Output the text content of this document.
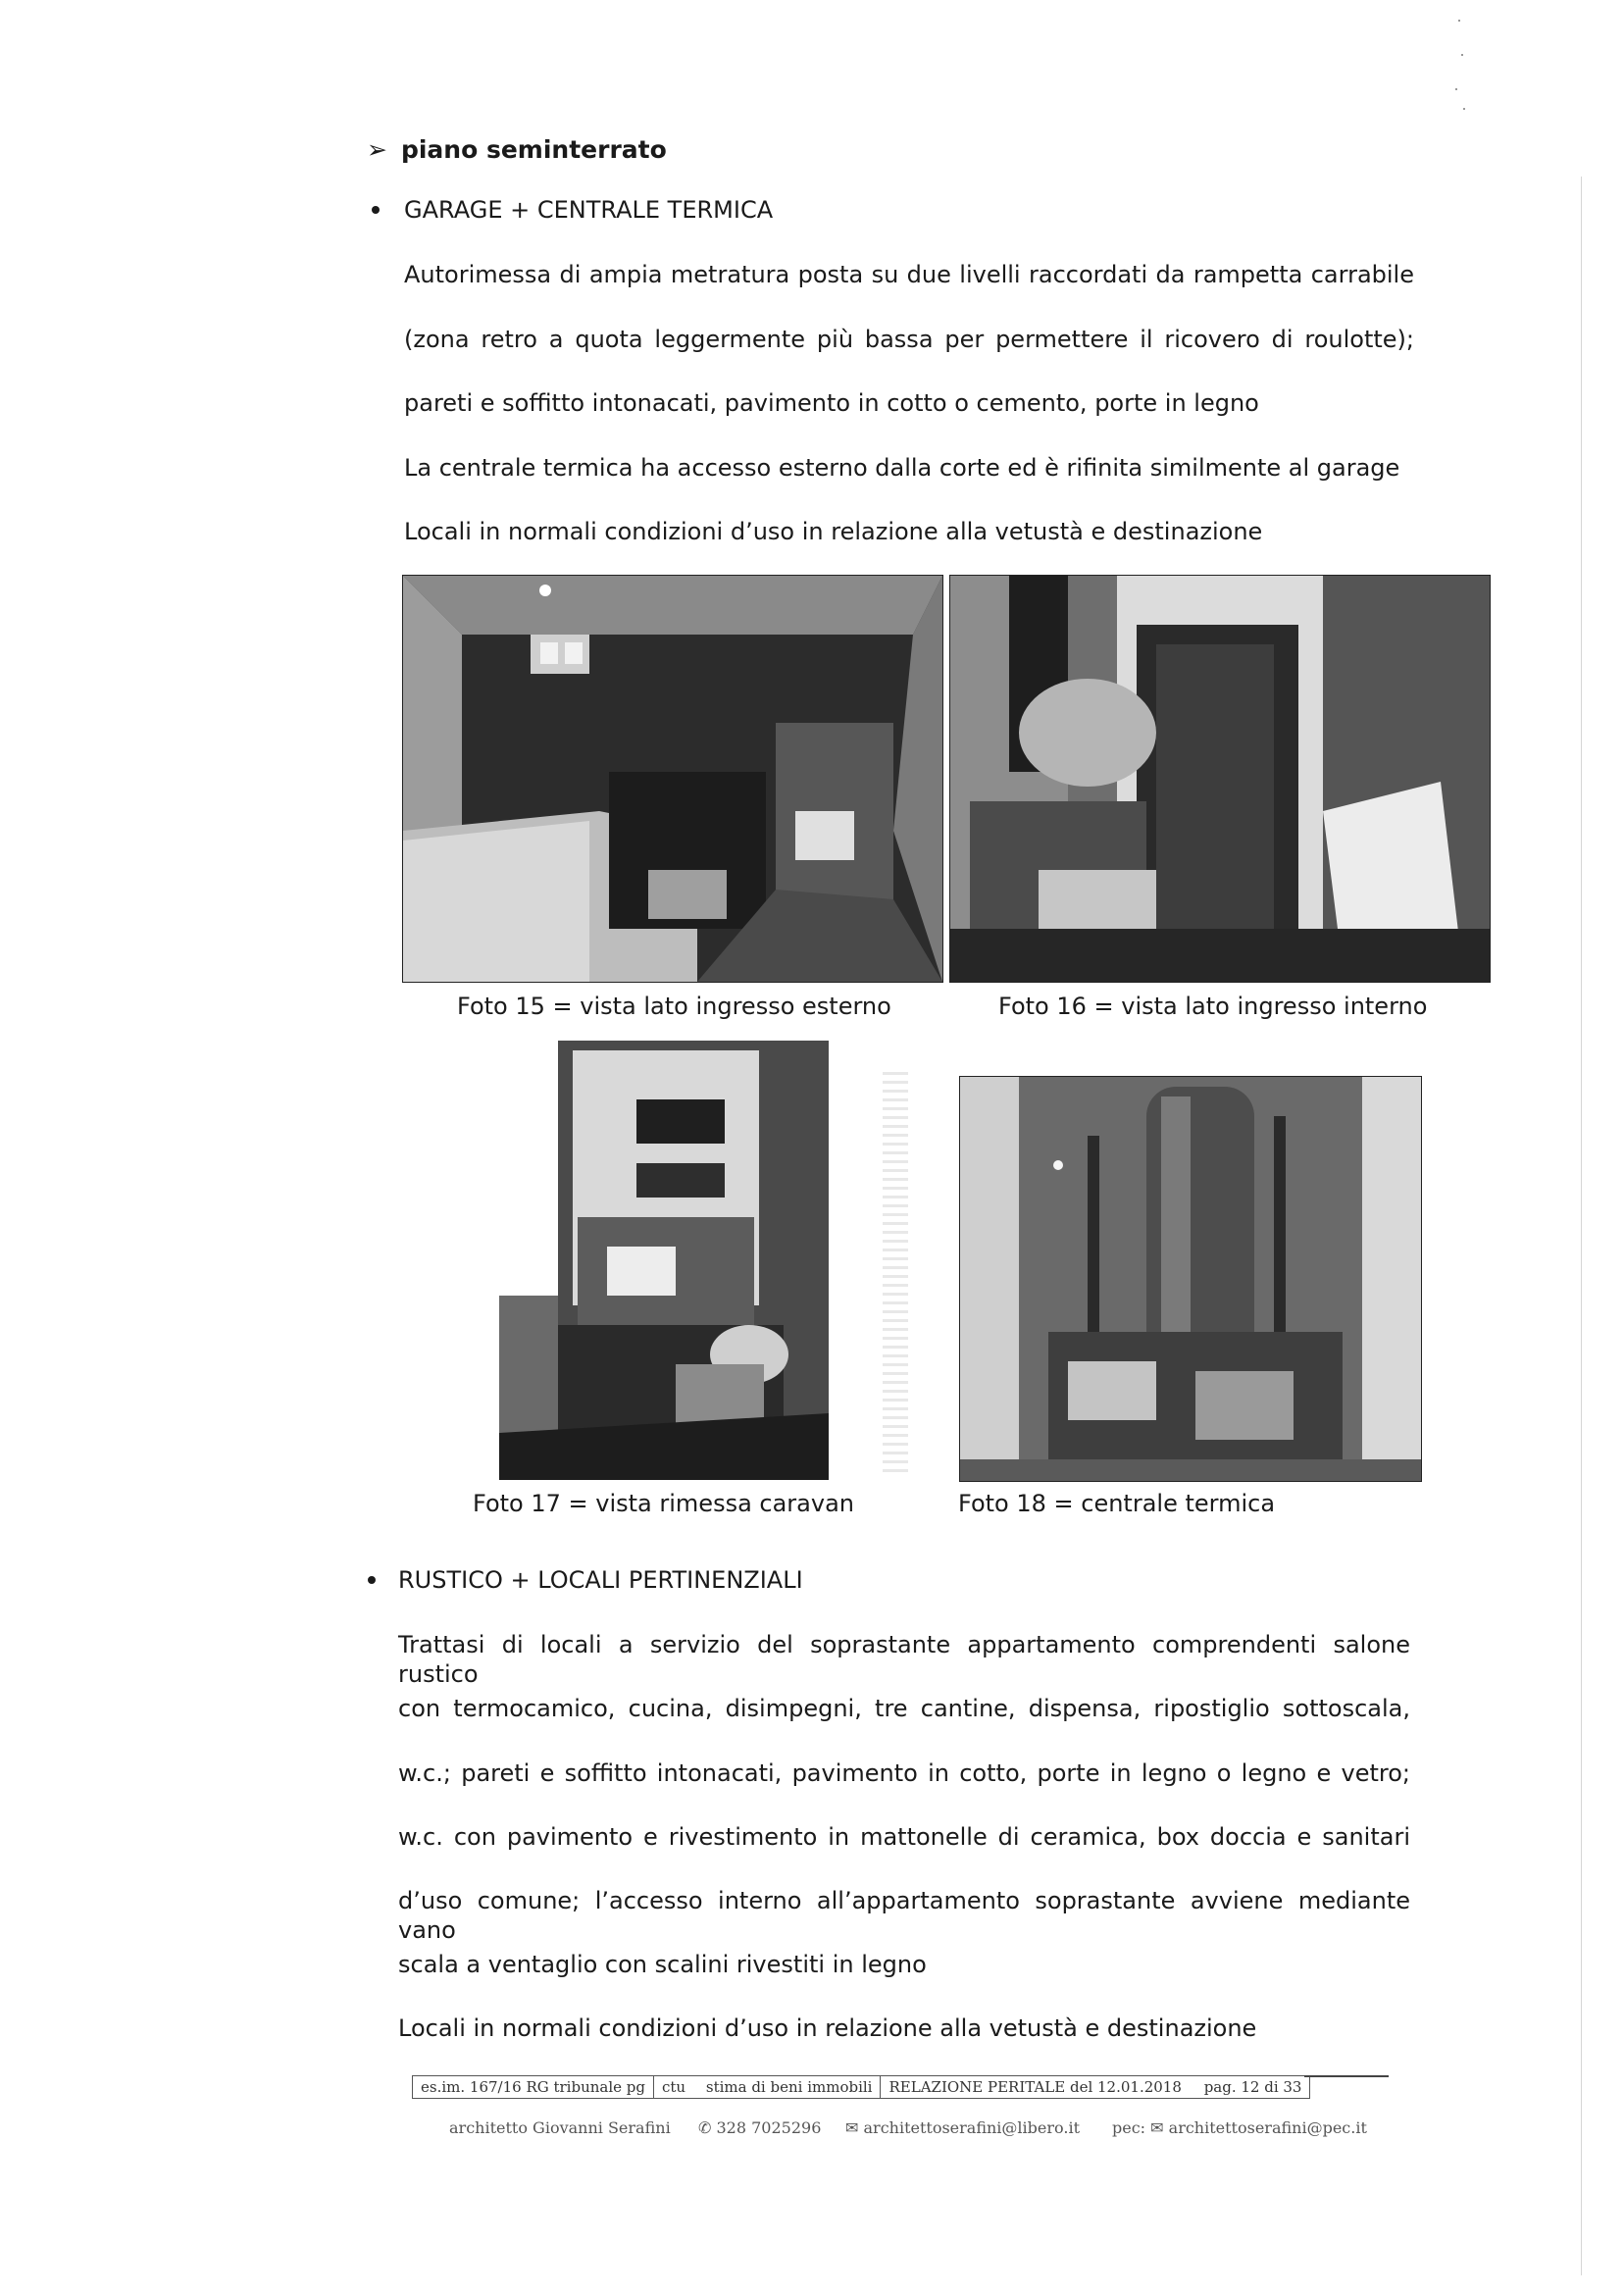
➢ piano seminterrato
GARAGE + CENTRALE TERMICA
Autorimessa di ampia metratura posta su due livelli raccordati da rampetta carrabile
(zona retro a quota leggermente più bassa per permettere il ricovero di roulotte);
pareti e soffitto intonacati, pavimento in cotto o cemento, porte in legno
La centrale termica ha accesso esterno dalla corte ed è rifinita similmente al garage
Locali in normali condizioni d’uso in relazione alla vetustà e destinazione
Foto 15 = vista lato ingresso esterno	Foto 16 = vista lato ingresso interno
Foto 17 = vista rimessa caravan	Foto 18 = centrale termica
RUSTICO + LOCALI PERTINENZIALI
Trattasi di locali a servizio del soprastante appartamento comprendenti salone rustico
con termocamico, cucina, disimpegni, tre cantine, dispensa, ripostiglio sottoscala,
w.c.; pareti e soffitto intonacati, pavimento in cotto, porte in legno o legno e vetro;
w.c. con pavimento e rivestimento in mattonelle di ceramica, box doccia e sanitari
d’uso comune; l’accesso interno all’appartamento soprastante avviene mediante vano
scala a ventaglio con scalini rivestiti in legno
Locali in normali condizioni d’uso in relazione alla vetustà e destinazione
es.im. 167/16 RG tribunale pg	ctu stima di beni immobili	RELAZIONE PERITALE del 12.01.2018 pag. 12 di 33
architetto Giovanni Serafini ✆ 328 7025296 ✉ architettoserafini@libero.it pec: ✉ architettoserafini@pec.it
